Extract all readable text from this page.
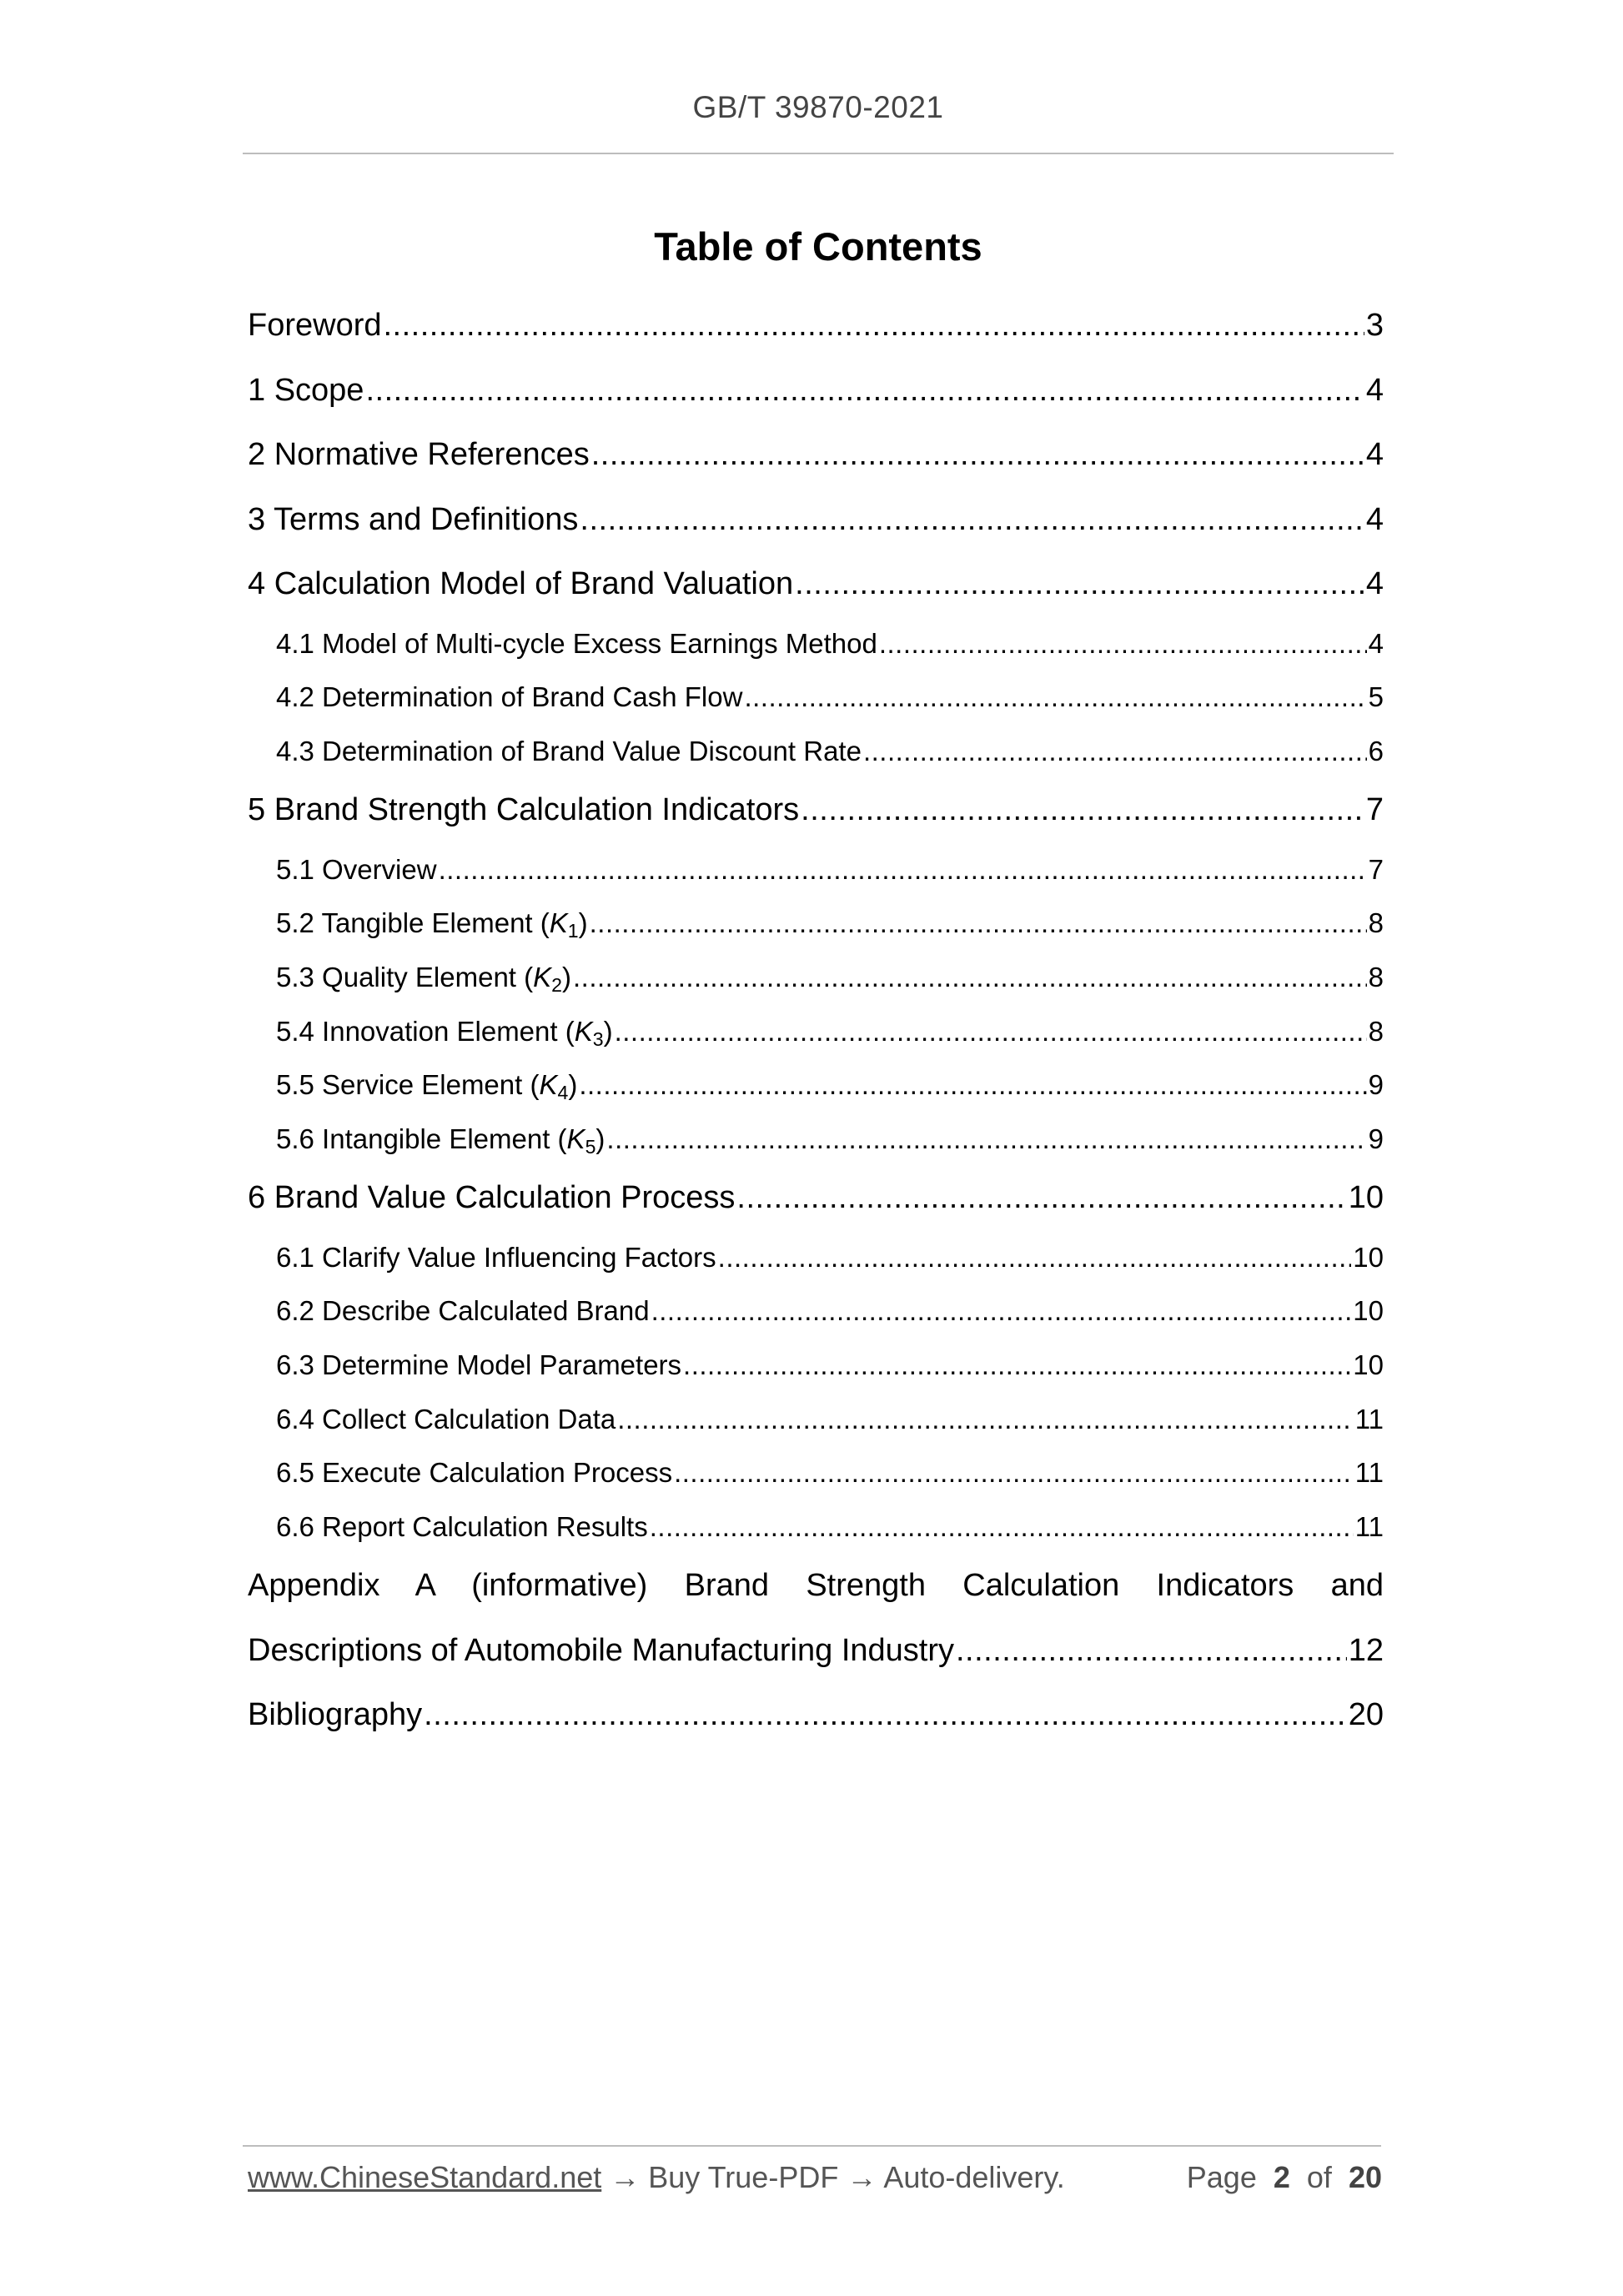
GB/T 39870-2021
Table of Contents
Foreword .....	3
1 Scope .....	4
2 Normative References .....	4
3 Terms and Definitions .....	4
4 Calculation Model of Brand Valuation .....	4
4.1 Model of Multi-cycle Excess Earnings Method .....	4
4.2 Determination of Brand Cash Flow .....	5
4.3 Determination of Brand Value Discount Rate .....	6
5 Brand Strength Calculation Indicators .....	7
5.1 Overview .....	7
5.2 Tangible Element $(K_1)$ .....	8
5.3 Quality Element $(K_2)$ .....	8
5.4 Innovation Element $(K_3)$ .....	8
5.5 Service Element $(K_4)$ .....	9
5.6 Intangible Element $(K_5)$ .....	9
6 Brand Value Calculation Process .....	10
6.1 Clarify Value Influencing Factors .....	10
6.2 Describe Calculated Brand .....	10
6.3 Determine Model Parameters .....	10
6.4 Collect Calculation Data .....	11
6.5 Execute Calculation Process .....	11
6.6 Report Calculation Results .....	11
Appendix A (informative) Brand Strength Calculation Indicators and
Descriptions of Automobile Manufacturing Industry .....	12
Bibliography .....	20
www.ChineseStandard.net → Buy True-PDF → Auto-delivery.	Page 2 of 20
